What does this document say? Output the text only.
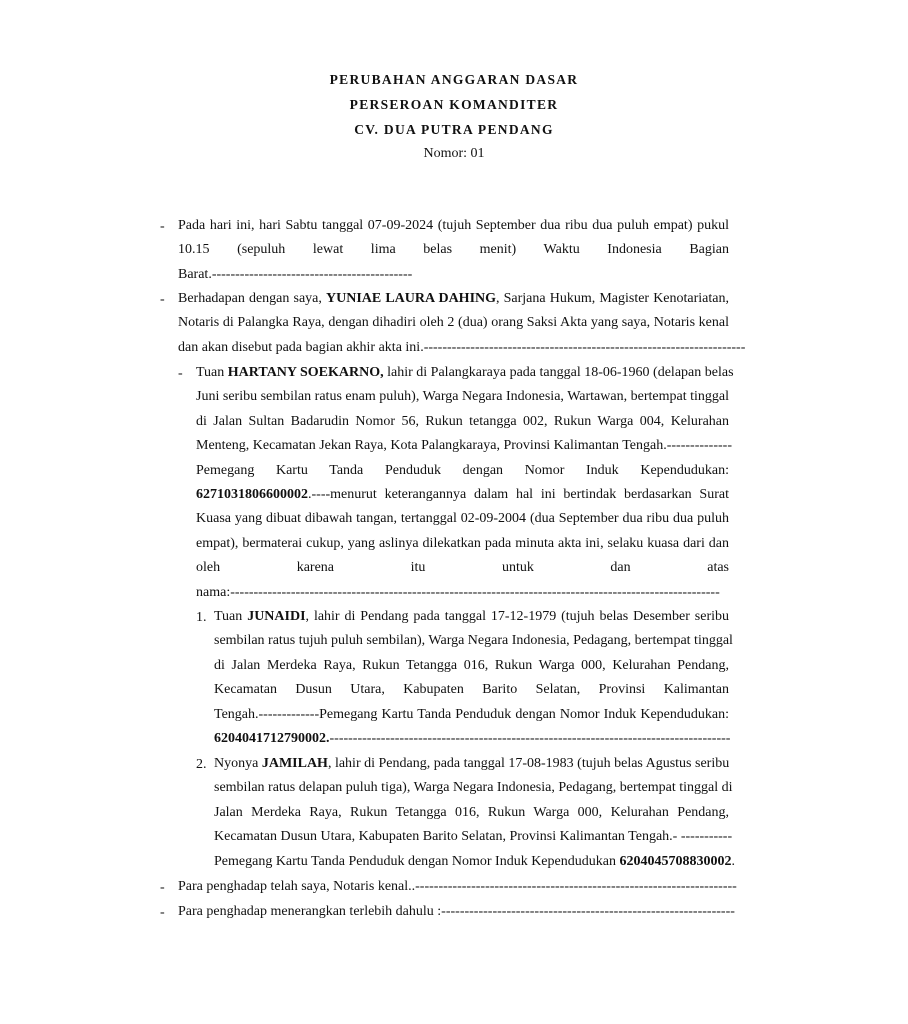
PERUBAHAN ANGGARAN DASAR
PERSEROAN KOMANDITER
CV. DUA PUTRA PENDANG
Nomor: 01
- Pada hari ini, hari Sabtu tanggal 07-09-2024 (tujuh September dua ribu dua puluh empat) pukul
10.15 (sepuluh lewat lima belas menit) Waktu Indonesia Bagian
Barat.-------------------------------------------
- Berhadapan dengan saya, YUNIAE LAURA DAHING, Sarjana Hukum, Magister Kenotariatan,
Notaris di Palangka Raya, dengan dihadiri oleh 2 (dua) orang Saksi Akta yang saya, Notaris kenal
dan akan disebut pada bagian akhir akta ini.---------------------------------------------------------------------
- Tuan HARTANY SOEKARNO, lahir di Palangkaraya pada tanggal 18-06-1960 (delapan belas
Juni seribu sembilan ratus enam puluh), Warga Negara Indonesia, Wartawan, bertempat tinggal
di Jalan Sultan Badarudin Nomor 56, Rukun tetangga 002, Rukun Warga 004, Kelurahan
Menteng, Kecamatan Jekan Raya, Kota Palangkaraya, Provinsi Kalimantan Tengah.--------------
Pemegang Kartu Tanda Penduduk dengan Nomor Induk Kependudukan:
6271031806600002.----menurut keterangannya dalam hal ini bertindak berdasarkan Surat
Kuasa yang dibuat dibawah tangan, tertanggal 02-09-2004 (dua September dua ribu dua puluh
empat), bermaterai cukup, yang aslinya dilekatkan pada minuta akta ini, selaku kuasa dari dan
oleh karena itu untuk dan atas
nama:---------------------------------------------------------------------------------------------------------
1. Tuan JUNAIDI, lahir di Pendang pada tanggal 17-12-1979 (tujuh belas Desember seribu
sembilan ratus tujuh puluh sembilan), Warga Negara Indonesia, Pedagang, bertempat tinggal
di Jalan Merdeka Raya, Rukun Tetangga 016, Rukun Warga 000, Kelurahan Pendang,
Kecamatan Dusun Utara, Kabupaten Barito Selatan, Provinsi Kalimantan
Tengah.-------------Pemegang Kartu Tanda Penduduk dengan Nomor Induk Kependudukan:
6204041712790002.--------------------------------------------------------------------------------------
2. Nyonya JAMILAH, lahir di Pendang, pada tanggal 17-08-1983 (tujuh belas Agustus seribu
sembilan ratus delapan puluh tiga), Warga Negara Indonesia, Pedagang, bertempat tinggal di
Jalan Merdeka Raya, Rukun Tetangga 016, Rukun Warga 000, Kelurahan Pendang,
Kecamatan Dusun Utara, Kabupaten Barito Selatan, Provinsi Kalimantan Tengah.- -----------
Pemegang Kartu Tanda Penduduk dengan Nomor Induk Kependudukan 6204045708830002.
- Para penghadap telah saya, Notaris kenal..---------------------------------------------------------------------
- Para penghadap menerangkan terlebih dahulu :---------------------------------------------------------------
